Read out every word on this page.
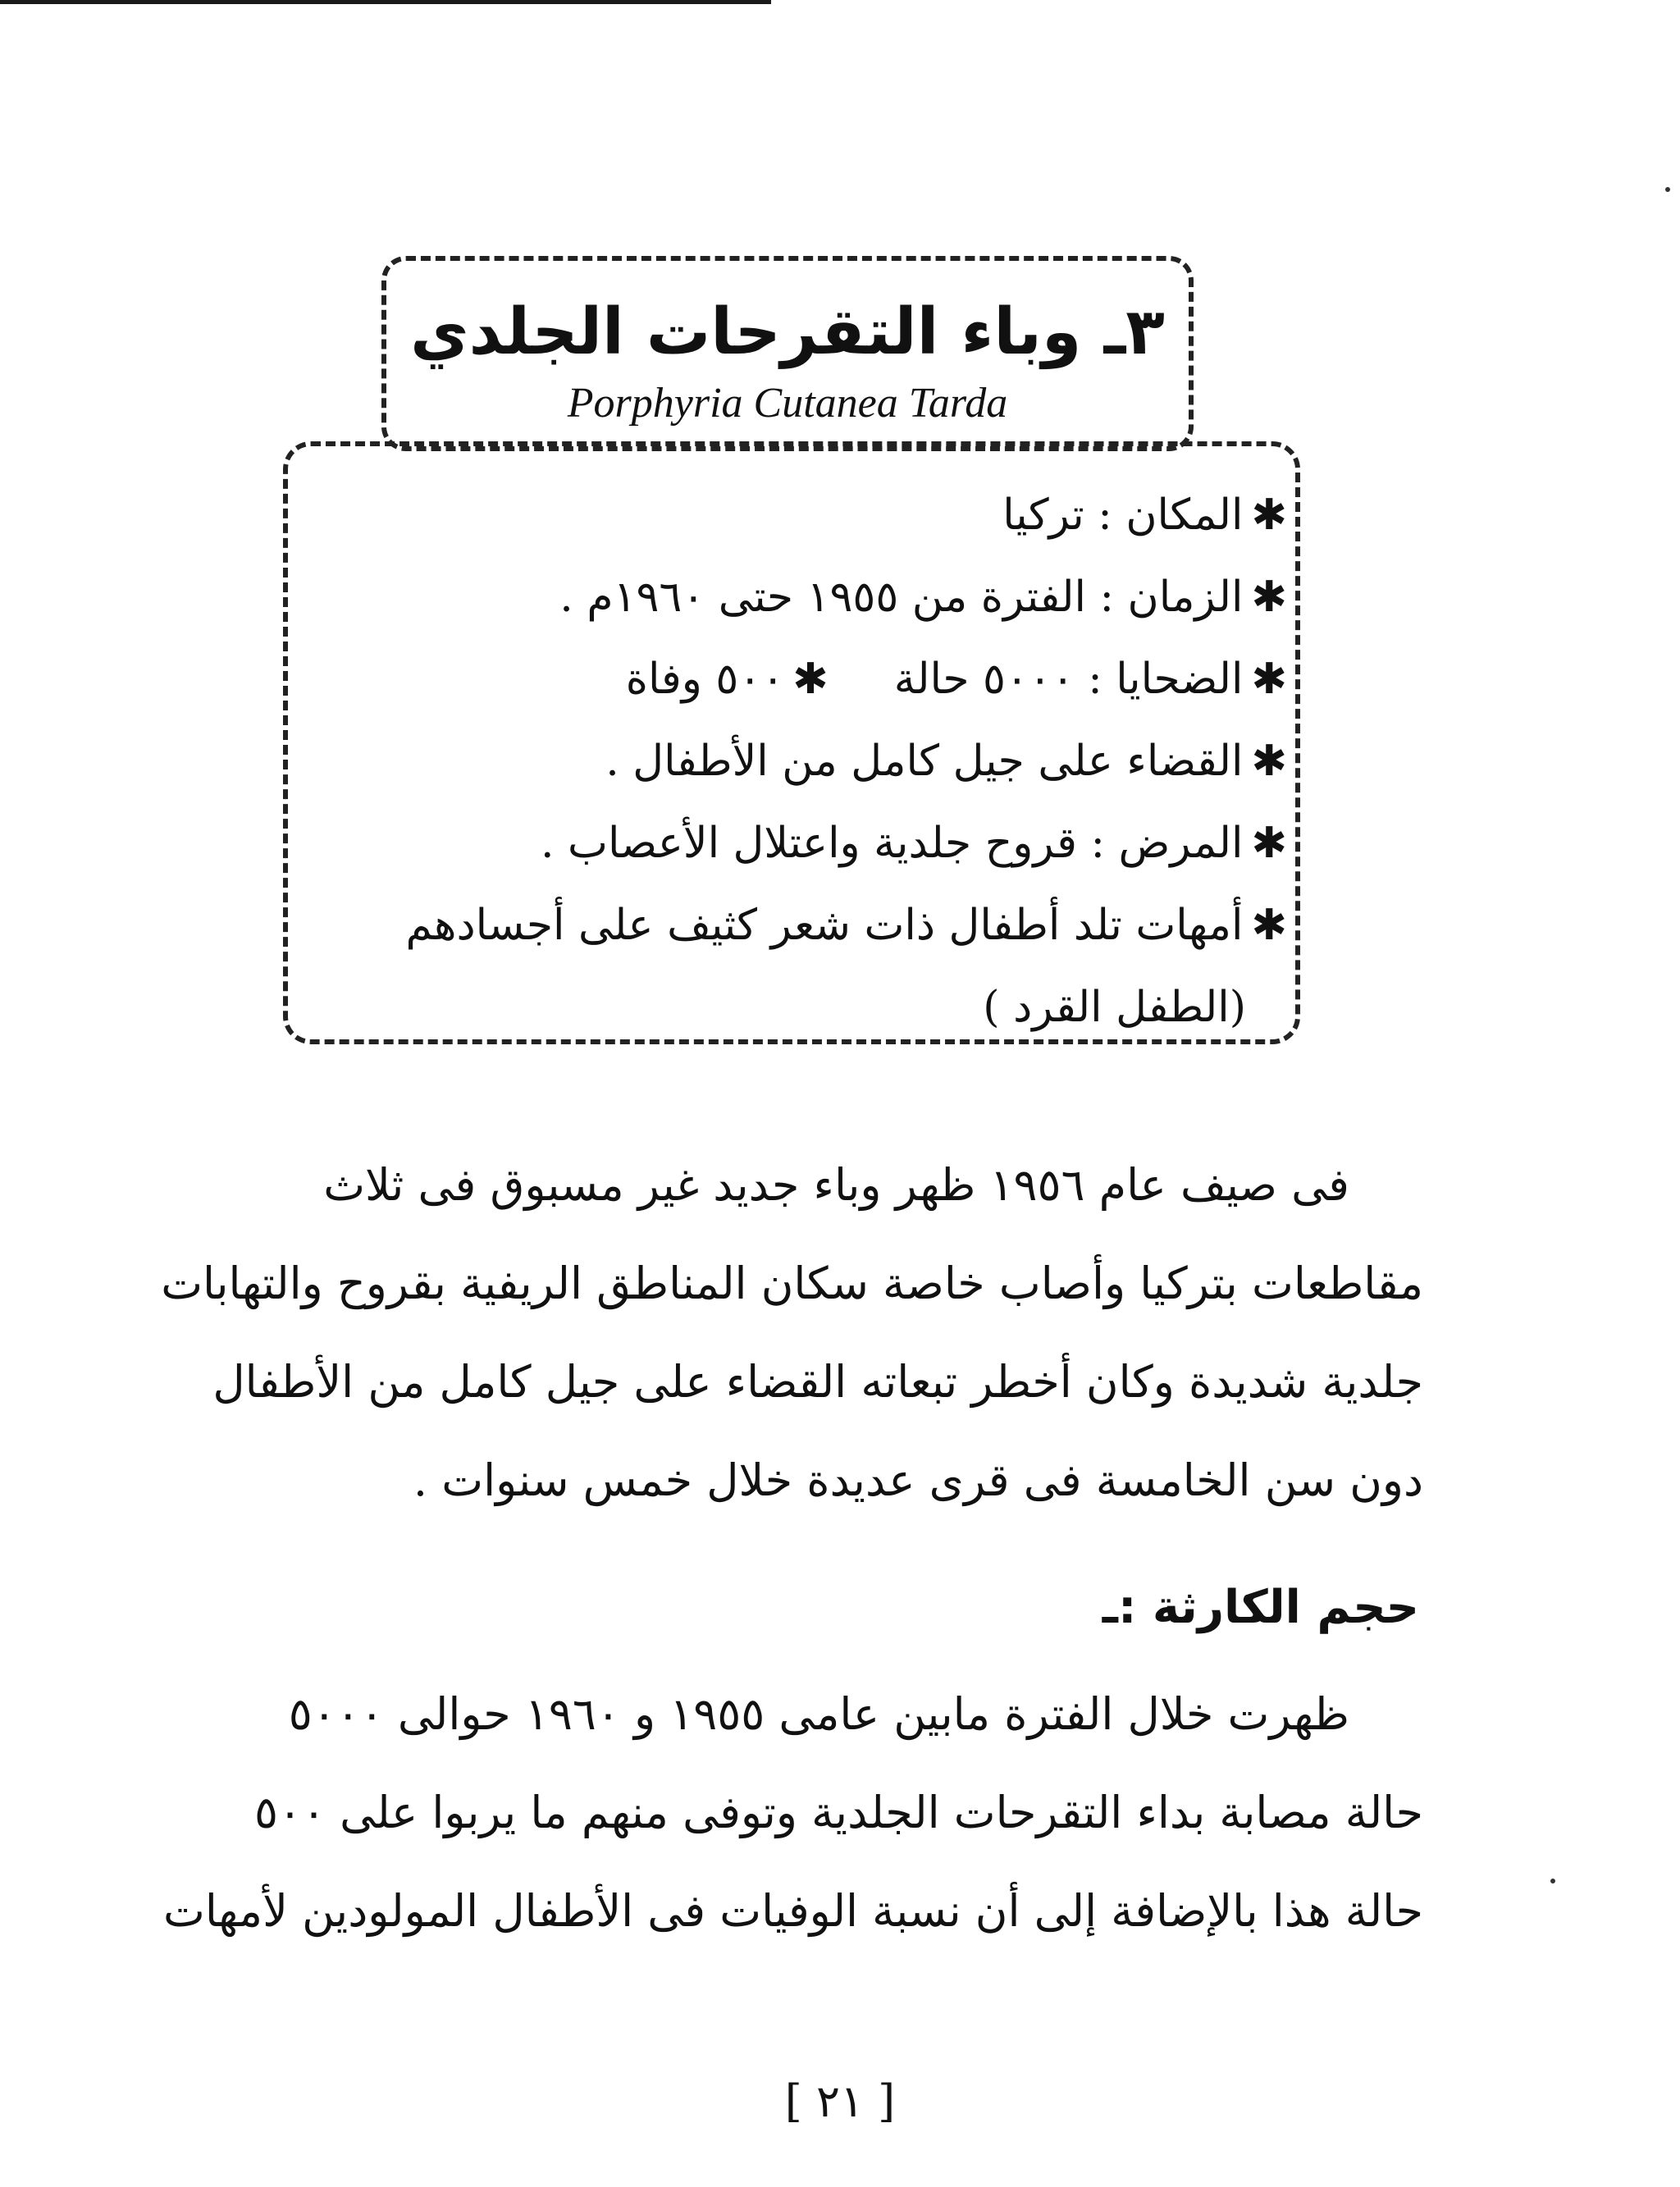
٣ـ وباء التقرحات الجلدي
Porphyria Cutanea Tarda
✱المكان : تركيا
✱الزمان : الفترة من ١٩٥٥ حتى ١٩٦٠م .
✱الضحايا : ٥٠٠٠ حالة✱٥٠٠ وفاة
✱القضاء على جيل كامل من الأطفال .
✱المرض : قروح جلدية واعتلال الأعصاب .
✱أمهات تلد أطفال ذات شعر كثيف على أجسادهم
(الطفل القرد )
فى صيف عام ١٩٥٦ ظهر وباء جديد غير مسبوق فى ثلاث
مقاطعات بتركيا وأصاب خاصة سكان المناطق الريفية بقروح والتهابات
جلدية شديدة وكان أخطر تبعاته القضاء على جيل كامل من الأطفال
دون سن الخامسة فى قرى عديدة خلال خمس سنوات .
حجم الكارثة :ـ
ظهرت خلال الفترة مابين عامى ١٩٥٥ و ١٩٦٠ حوالى ٥٠٠٠
حالة مصابة بداء التقرحات الجلدية وتوفى منهم ما يربوا على ٥٠٠
حالة هذا بالإضافة إلى أن نسبة الوفيات فى الأطفال المولودين لأمهات
[ ٢١ ]
